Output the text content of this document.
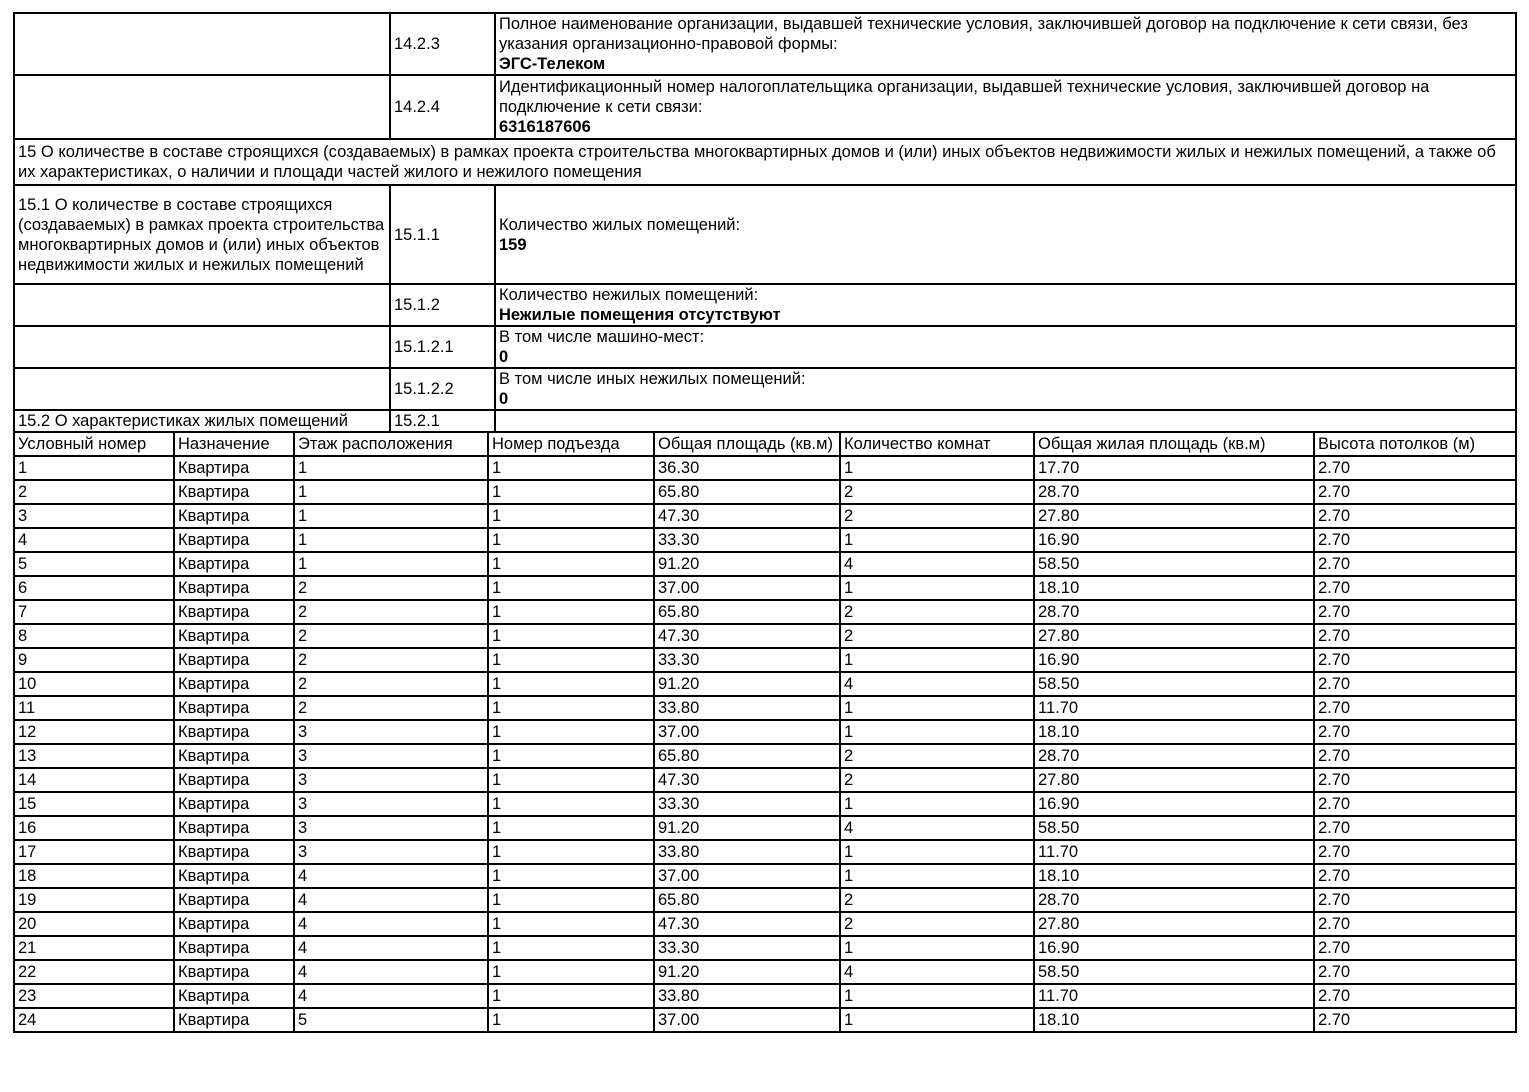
	14.2.3	Полное наименование организации, выдавшей технические условия, заключившей договор на подключение к сети связи, без указания организационно-правовой формы:
ЭГС-Телеком

	14.2.4	Идентификационный номер налогоплательщика организации, выдавшей технические условия, заключившей договор на подключение к сети связи:
6316187606

15 О количестве в составе строящихся (создаваемых) в рамках проекта строительства многоквартирных домов и (или) иных объектов недвижимости жилых и нежилых помещений, а также об их характеристиках, о наличии и площади частей жилого и нежилого помещения		
15.1 О количестве в составе строящихся (создаваемых) в рамках проекта строительства многоквартирных домов и (или) иных объектов недвижимости жилых и нежилых помещений	15.1.1	Количество жилых помещений:
159

	15.1.2	Количество нежилых помещений:
Нежилые помещения отсутствуют

	15.1.2.1	В том числе машино-мест:
0

	15.1.2.2	В том числе иных нежилых помещений:
0

15.2 О характеристиках жилых помещений	15.2.1	
Условный номер	Назначение	Этаж расположения	Номер подъезда	Общая площадь (кв.м)	Количество комнат	Общая жилая площадь (кв.м)	Высота потолков (м)
1	Квартира	1	1	36.30	1	17.70	2.70
2	Квартира	1	1	65.80	2	28.70	2.70
3	Квартира	1	1	47.30	2	27.80	2.70
4	Квартира	1	1	33.30	1	16.90	2.70
5	Квартира	1	1	91.20	4	58.50	2.70
6	Квартира	2	1	37.00	1	18.10	2.70
7	Квартира	2	1	65.80	2	28.70	2.70
8	Квартира	2	1	47.30	2	27.80	2.70
9	Квартира	2	1	33.30	1	16.90	2.70
10	Квартира	2	1	91.20	4	58.50	2.70
11	Квартира	2	1	33.80	1	11.70	2.70
12	Квартира	3	1	37.00	1	18.10	2.70
13	Квартира	3	1	65.80	2	28.70	2.70
14	Квартира	3	1	47.30	2	27.80	2.70
15	Квартира	3	1	33.30	1	16.90	2.70
16	Квартира	3	1	91.20	4	58.50	2.70
17	Квартира	3	1	33.80	1	11.70	2.70
18	Квартира	4	1	37.00	1	18.10	2.70
19	Квартира	4	1	65.80	2	28.70	2.70
20	Квартира	4	1	47.30	2	27.80	2.70
21	Квартира	4	1	33.30	1	16.90	2.70
22	Квартира	4	1	91.20	4	58.50	2.70
23	Квартира	4	1	33.80	1	11.70	2.70
24	Квартира	5	1	37.00	1	18.10	2.70
